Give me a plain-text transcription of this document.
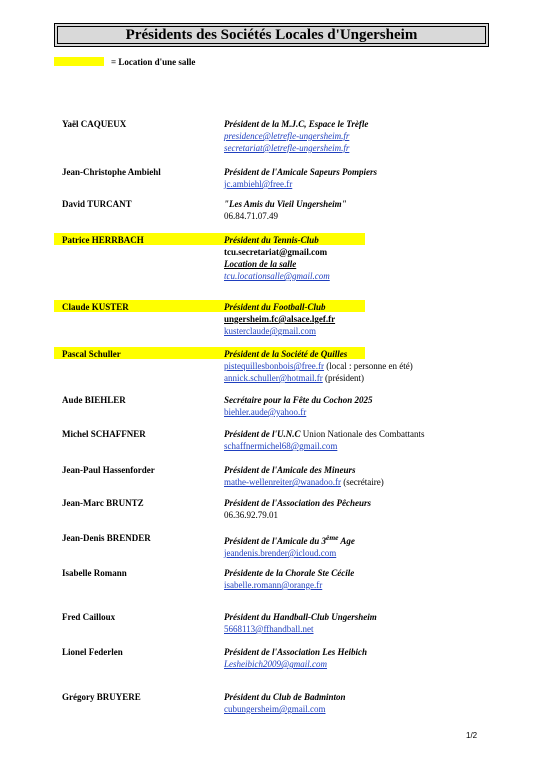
Présidents des Sociétés Locales d'Ungersheim
= Location d'une salle
Yaël CAQUEUX	Président de la M.J.C, Espace le Trèfle
presidence@letrefle-ungersheim.fr
secretariat@letrefle-ungersheim.fr
Jean-Christophe Ambiehl	Président de l'Amicale Sapeurs Pompiers
jc.ambiehl@free.fr
David TURCANT	"Les Amis du Vieil Ungersheim"
06.84.71.07.49
Patrice HERRBACH	Président du Tennis-Club
tcu.secretariat@gmail.com
Location de la salle
tcu.locationsalle@gmail.com
Claude KUSTER	Président du Football-Club
ungersheim.fc@alsace.lgef.fr
kusterclaude@gmail.com
Pascal Schuller	Président de la Société de Quilles
pistequillesbonbois@free.fr (local : personne en été)
annick.schuller@hotmail.fr (président)
Aude BIEHLER	Secrétaire pour la Fête du Cochon 2025
biehler.aude@yahoo.fr
Michel SCHAFFNER	Président de l'U.N.C Union Nationale des Combattants
schaffnermichel68@gmail.com
Jean-Paul Hassenforder	Président de l'Amicale des Mineurs
mathe-wellenreiter@wanadoo.fr (secrétaire)
Jean-Marc BRUNTZ	Président de l'Association des Pêcheurs
06.36.92.79.01
Jean-Denis BRENDER	Président de l'Amicale du 3ème Age
jeandenis.brender@icloud.com
Isabelle Romann	Présidente de la Chorale Ste Cécile
isabelle.romann@orange.fr
Fred Cailloux	Président du Handball-Club Ungersheim
5668113@ffhandball.net
Lionel Federlen	Président de l'Association Les Heibich
Lesheibich2009@gmail.com
Grégory BRUYERE	Président du Club de Badminton
cubungersheim@gmail.com
1/2
